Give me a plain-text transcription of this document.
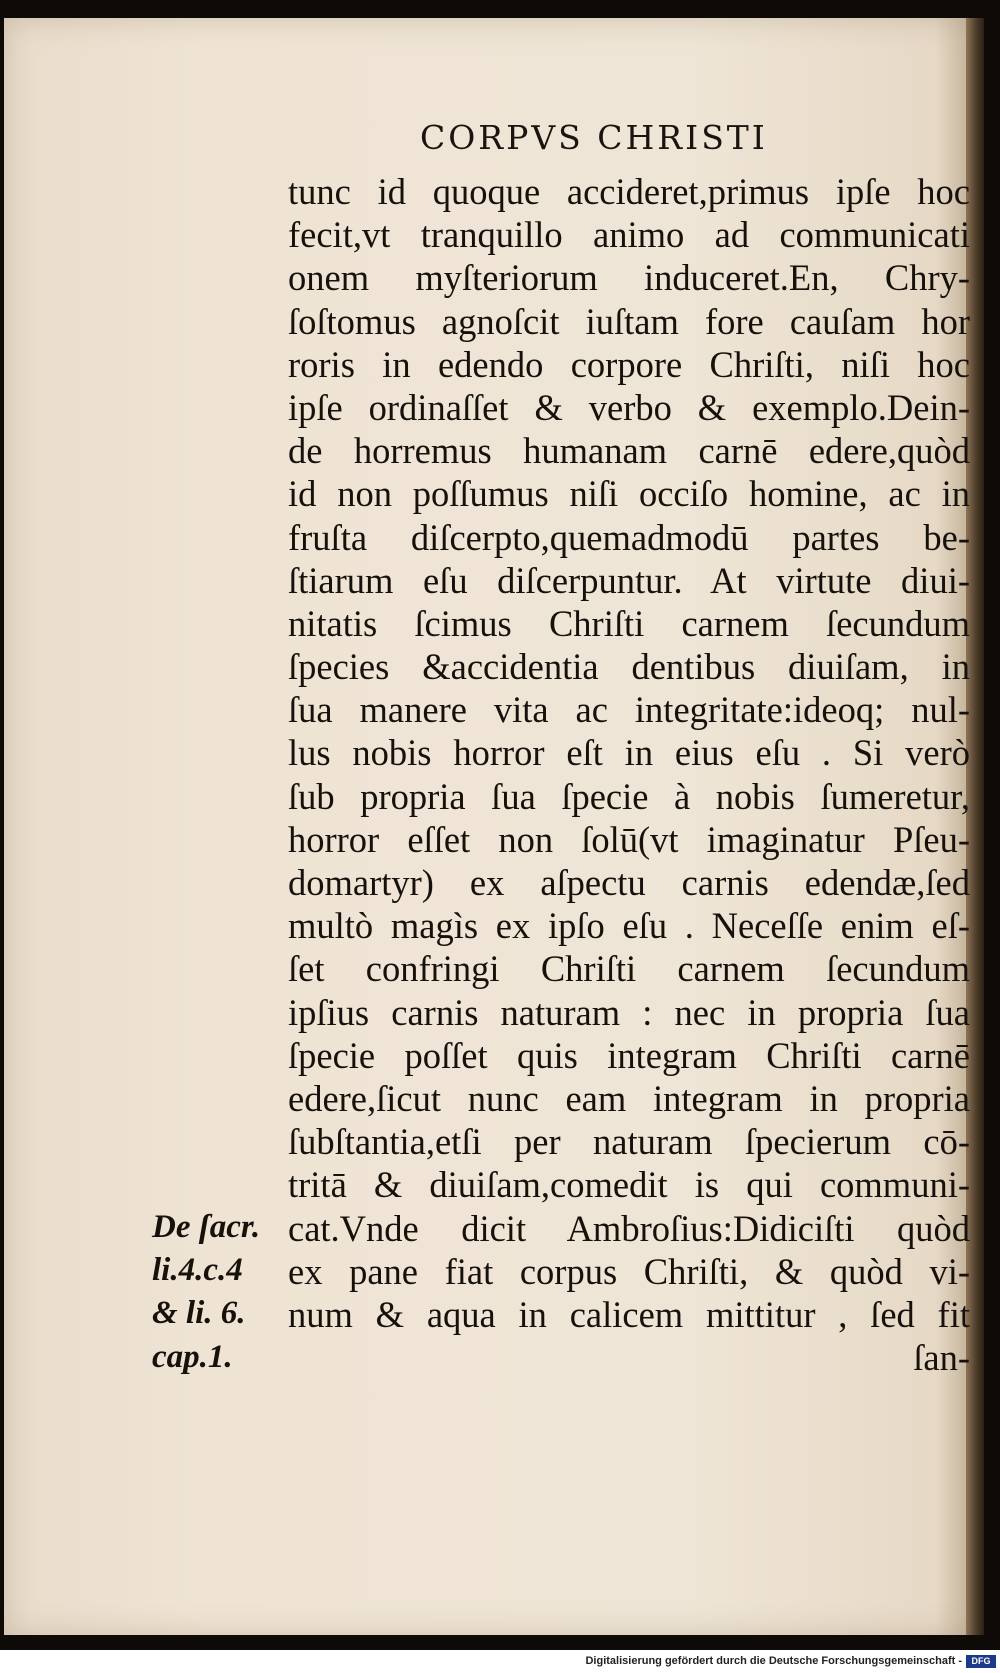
CORPVS CHRISTI
tunc id quoque accideret,primus ipſe hoc
fecit,vt tranquillo animo ad communicati
onem myſteriorum induceret.En, Chry-
ſoſtomus agnoſcit iuſtam fore cauſam hor
roris in edendo corpore Chriſti, niſi hoc
ipſe ordinaſſet & verbo & exemplo.Dein-
de horremus humanam carnē edere,quòd
id non poſſumus niſi occiſo homine, ac in
fruſta diſcerpto,quemadmodū partes be-
ſtiarum eſu diſcerpuntur. At virtute diui-
nitatis ſcimus Chriſti carnem ſecundum
ſpecies &accidentia dentibus diuiſam, in
ſua manere vita ac integritate:ideoq; nul-
lus nobis horror eſt in eius eſu . Si verò
ſub propria ſua ſpecie à nobis ſumeretur,
horror eſſet non ſolū(vt imaginatur Pſeu-
domartyr) ex aſpectu carnis edendæ,ſed
multò magìs ex ipſo eſu . Neceſſe enim eſ-
ſet confringi Chriſti carnem ſecundum
ipſius carnis naturam : nec in propria ſua
ſpecie poſſet quis integram Chriſti carnē
edere,ſicut nunc eam integram in propria
ſubſtantia,etſi per naturam ſpecierum cō-
tritā & diuiſam,comedit is qui communi-
cat.Vnde dicit Ambroſius:Didiciſti quòd
ex pane fiat corpus Chriſti, & quòd vi-
num & aqua in calicem mittitur , ſed fit
ſan-
De ſacr.
li.4.c.4
& li. 6.
cap.1.
Digitalisierung gefördert durch die Deutsche Forschungsgemeinschaft -	DFG
